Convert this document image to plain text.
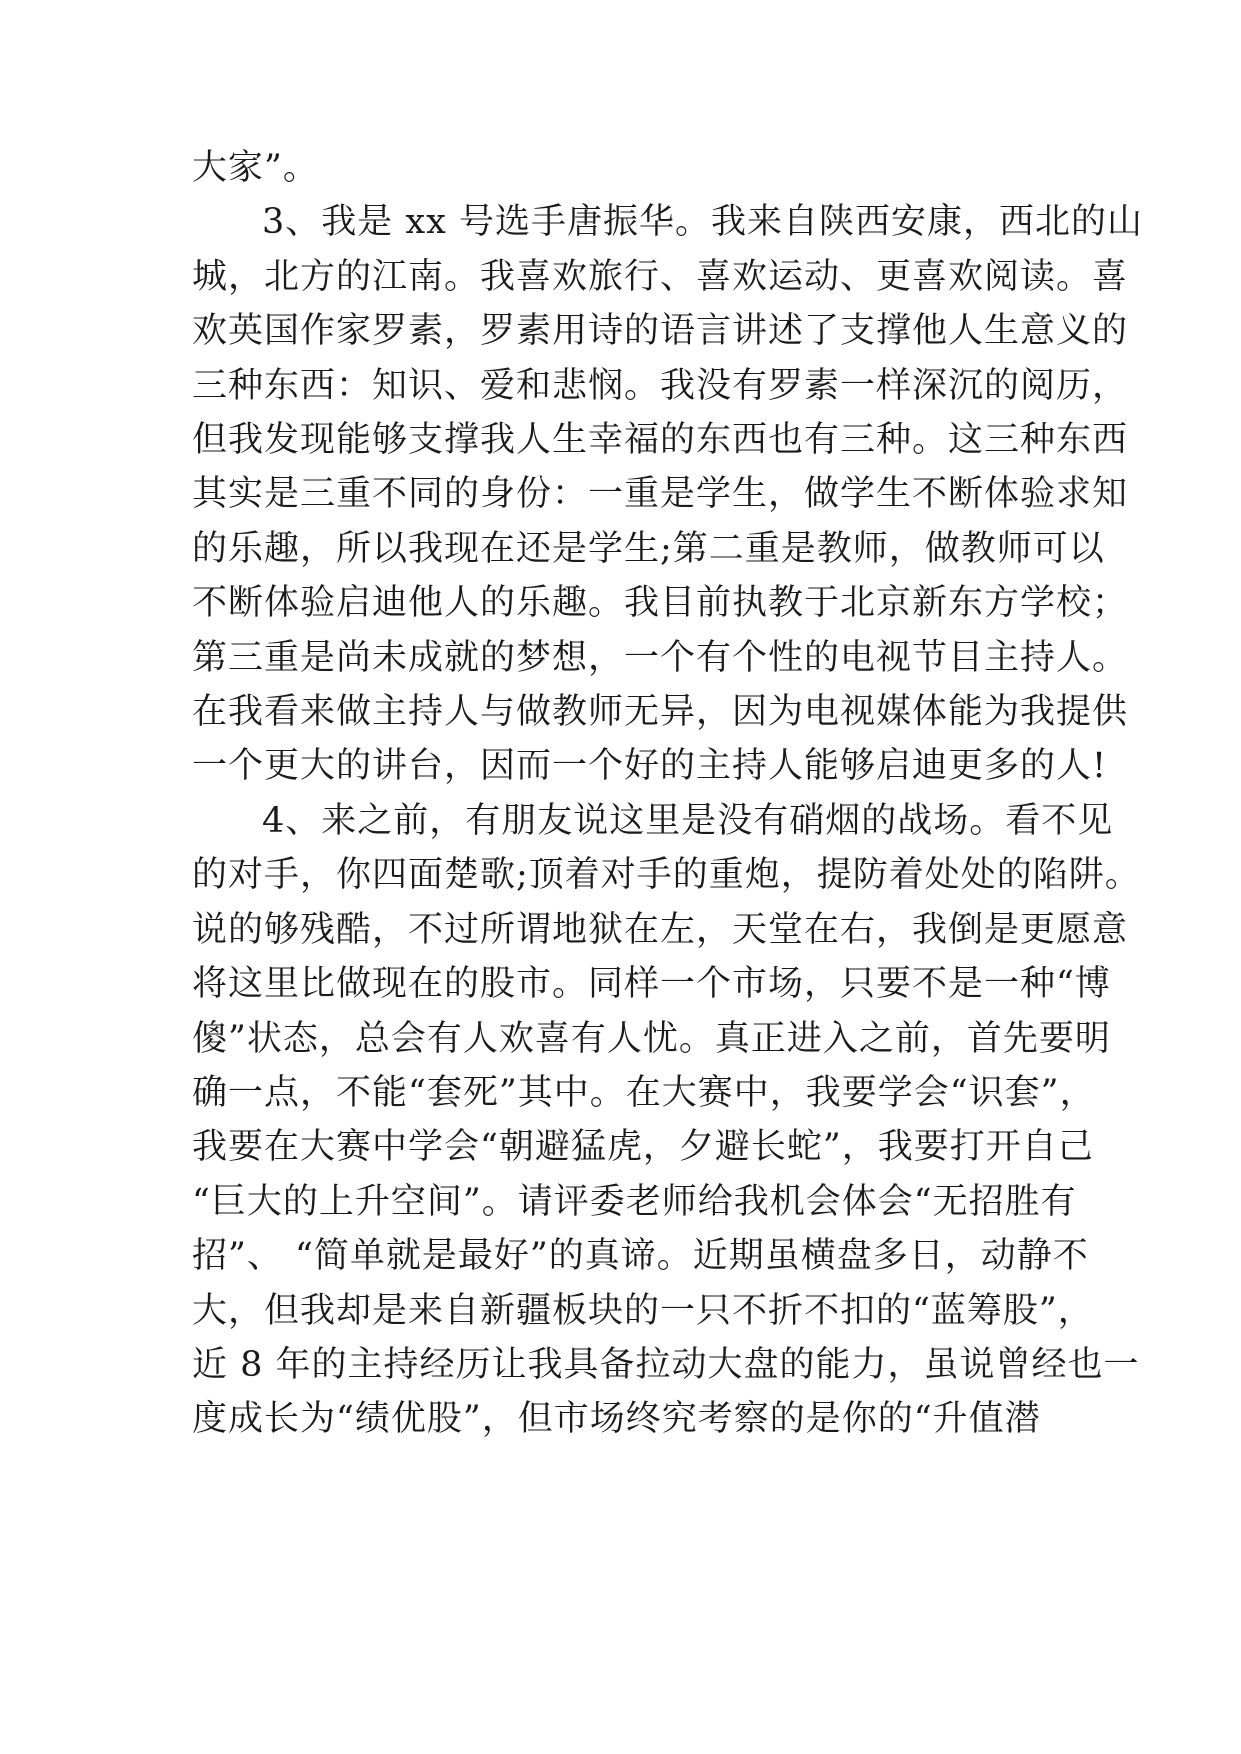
大家”。
3、我是 xx 号选手唐振华。我来自陕西安康，西北的山
城，北方的江南。我喜欢旅行、喜欢运动、更喜欢阅读。喜
欢英国作家罗素，罗素用诗的语言讲述了支撑他人生意义的
三种东西：知识、爱和悲悯。我没有罗素一样深沉的阅历，
但我发现能够支撑我人生幸福的东西也有三种。这三种东西
其实是三重不同的身份：一重是学生，做学生不断体验求知
的乐趣，所以我现在还是学生;第二重是教师，做教师可以
不断体验启迪他人的乐趣。我目前执教于北京新东方学校；
第三重是尚未成就的梦想，一个有个性的电视节目主持人。
在我看来做主持人与做教师无异，因为电视媒体能为我提供
一个更大的讲台，因而一个好的主持人能够启迪更多的人!
4、来之前，有朋友说这里是没有硝烟的战场。看不见
的对手，你四面楚歌;顶着对手的重炮，提防着处处的陷阱。
说的够残酷，不过所谓地狱在左，天堂在右，我倒是更愿意
将这里比做现在的股市。同样一个市场，只要不是一种“博
傻”状态，总会有人欢喜有人忧。真正进入之前，首先要明
确一点，不能“套死”其中。在大赛中，我要学会“识套”，
我要在大赛中学会“朝避猛虎，夕避长蛇”，我要打开自己
“巨大的上升空间”。请评委老师给我机会体会“无招胜有
招”、 “简单就是最好”的真谛。近期虽横盘多日，动静不
大，但我却是来自新疆板块的一只不折不扣的“蓝筹股”，
近 8 年的主持经历让我具备拉动大盘的能力，虽说曾经也一
度成长为“绩优股”，但市场终究考察的是你的“升值潜
